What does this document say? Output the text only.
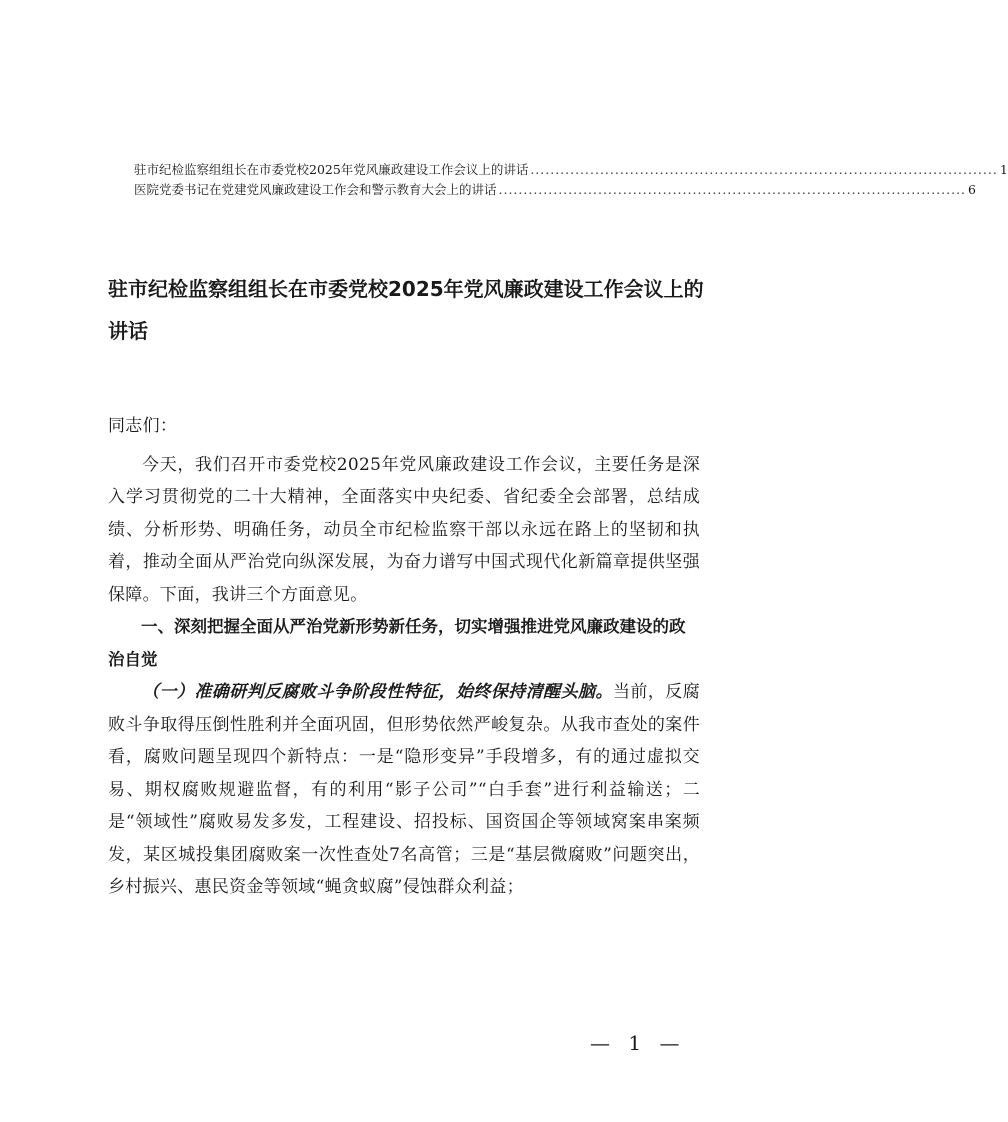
驻市纪检监察组组长在市委党校2025年党风廉政建设工作会议上的讲话 .............................................................................................. 1
医院党委书记在党建党风廉政建设工作会和警示教育大会上的讲话 .............................................................................................. 6
驻市纪检监察组组长在市委党校2025年党风廉政建设工作会议上的讲话

同志们：

今天，我们召开市委党校2025年党风廉政建设工作会议，主要任务是深入学习贯彻党的二十大精神，全面落实中央纪委、省纪委全会部署，总结成绩、分析形势、明确任务，动员全市纪检监察干部以永远在路上的坚韧和执着，推动全面从严治党向纵深发展，为奋力谱写中国式现代化新篇章提供坚强保障。下面，我讲三个方面意见。

一、深刻把握全面从严治党新形势新任务，切实增强推进党风廉政建设的政治自觉

（一）准确研判反腐败斗争阶段性特征，始终保持清醒头脑。当前，反腐败斗争取得压倒性胜利并全面巩固，但形势依然严峻复杂。从我市查处的案件看，腐败问题呈现四个新特点：一是“隐形变异”手段增多，有的通过虚拟交易、期权腐败规避监督，有的利用“影子公司”“白手套”进行利益输送；二是“领域性”腐败易发多发，工程建设、招投标、国资国企等领域窝案串案频发，某区城投集团腐败案一次性查处7名高管；三是“基层微腐败”问题突出，乡村振兴、惠民资金等领域“蝇贪蚁腐”侵蚀群众利益；

— 1 —
